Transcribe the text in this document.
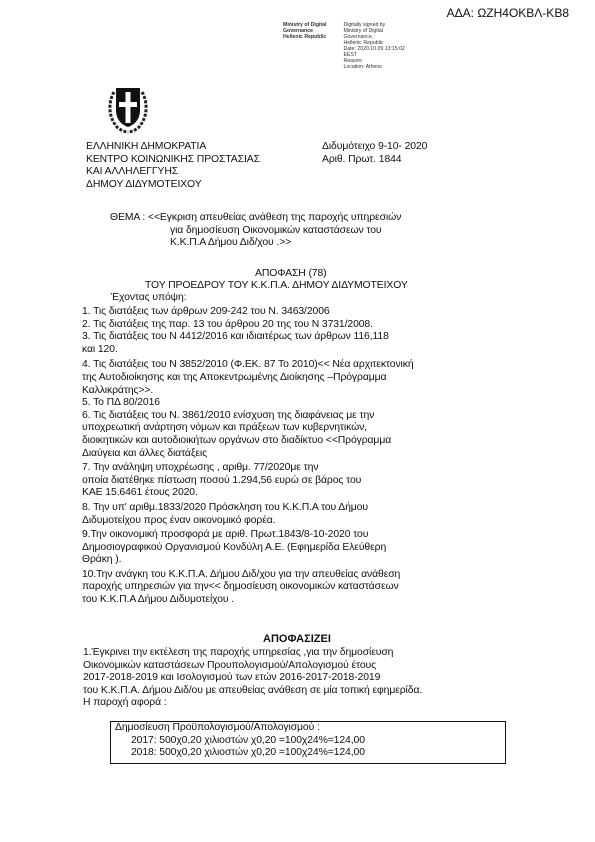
ΑΔΑ: ΩΖΗ4ΟΚΒΛ-ΚΒ8
Ministry of Digital
Governance
Hellenic Republic

Digitally signed by
Ministry of Digital
Governance,
Hellenic Republic
Date: 2020.10.09 13:15:02
EEST
Reason:
Location: Athens
ΕΛΛΗΝΙΚΗ ΔΗΜΟΚΡΑΤΙΑ
ΚΕΝΤΡΟ ΚΟΙΝΩΝΙΚΗΣ ΠΡΟΣΤΑΣΙΑΣ
ΚΑΙ ΑΛΛΗΛΕΓΓΥΗΣ
ΔΗΜΟΥ ΔΙΔΥΜΟΤΕΙΧΟΥ
Διδυμότειχο 9-10- 2020
Αριθ. Πρωτ. 1844
ΘΕΜΑ : <<Εγκριση απευθείας ανάθεση της παροχής υπηρεσιών
για δημοσίευση Οικονομικών καταστάσεων του
Κ.Κ.Π.Α Δήμου Διδ/χου .>>
ΑΠΟΦΑΣΗ (78)
ΤΟΥ ΠΡΟΕΔΡΟΥ ΤΟΥ Κ.Κ.Π.Α. ΔΗΜΟΥ ΔΙΔΥΜΟΤΕΙΧΟΥ
Έχοντας υπόψη:
1. Τις διατάξεις των άρθρων 209-242 του Ν. 3463/2006
2. Τις διατάξεις της παρ. 13 του άρθρου 20 της του Ν 3731/2008.
3. Τις διατάξεις του Ν 4412/2016 και ιδιαιτέρως των άρθρων 116,118
και 120.
4. Τις διατάξεις του Ν 3852/2010 (Φ.ΕΚ. 87 Το 2010)<< Νέα αρχιτεκτονική
της Αυτοδιοίκησης και της Αποκεντρωμένης Διοίκησης –Πρόγραμμα
Καλλικράτης>>.
5. Το ΠΔ 80/2016
6. Τις διατάξεις του Ν. 3861/2010 ενίσχυση της διαφάνειας με την
υποχρεωτική ανάρτηση νόμων και πράξεων των κυβερνητικών,
διοικητικών και αυτοδιοικήτων οργάνων στο διαδίκτυο <<Πρόγραμμα
Διαύγεια και άλλες διατάξεις
7. Την ανάληψη υποχρέωσης , αριθμ. 77/2020με την
οποία διατέθηκε πίστωση ποσού 1.294,56 ευρώ σε βάρος του
ΚΑΕ 15.6461 έτους 2020.
8. Την υπ' αριθμ.1833/2020 Πρόσκληση του Κ.Κ.Π.Α του Δήμου
Διδυμοτείχου προς έναν οικονομικό φορέα.
9.Την οικονομική προσφορά με αριθ. Πρωτ.1843/8-10-2020 του
Δημοσιογραφικού Οργανισμού Κονδύλη Α.Ε. (Εφημερίδα Ελεύθερη
Θράκη ).
10.Την ανάγκη του Κ.Κ.Π.Α. Δήμου Διδ/χου για την απευθείας ανάθεση
παροχής υπηρεσιών για την<< δημοσίευση οικονομικών καταστάσεων
του Κ.Κ.Π.Α Δήμου Διδυμοτείχου .
ΑΠΟΦΑΣΙΖΕΙ
1.Έγκρινει την εκτέλεση της παροχής υπηρεσίας ,για την δημοσίευση
Οικονομικών καταστάσεων Προυπολογισμού/Απολογισμού έτους
2017-2018-2019 και Ισολογισμού των ετών 2016-2017-2018-2019
του Κ.Κ.Π.Α. Δήμου Διδ/ου με απευθείας ανάθεση σε μία τοπική εφημερίδα.
Η παροχή αφορά :
Δημοσίευση Προϋπολογισμού/Απολογισμού :
2017: 500χ0,20 χιλιοστών χ0,20 =100χ24%=124,00
2018: 500χ0,20 χιλιοστών χ0,20 =100χ24%=124,00
